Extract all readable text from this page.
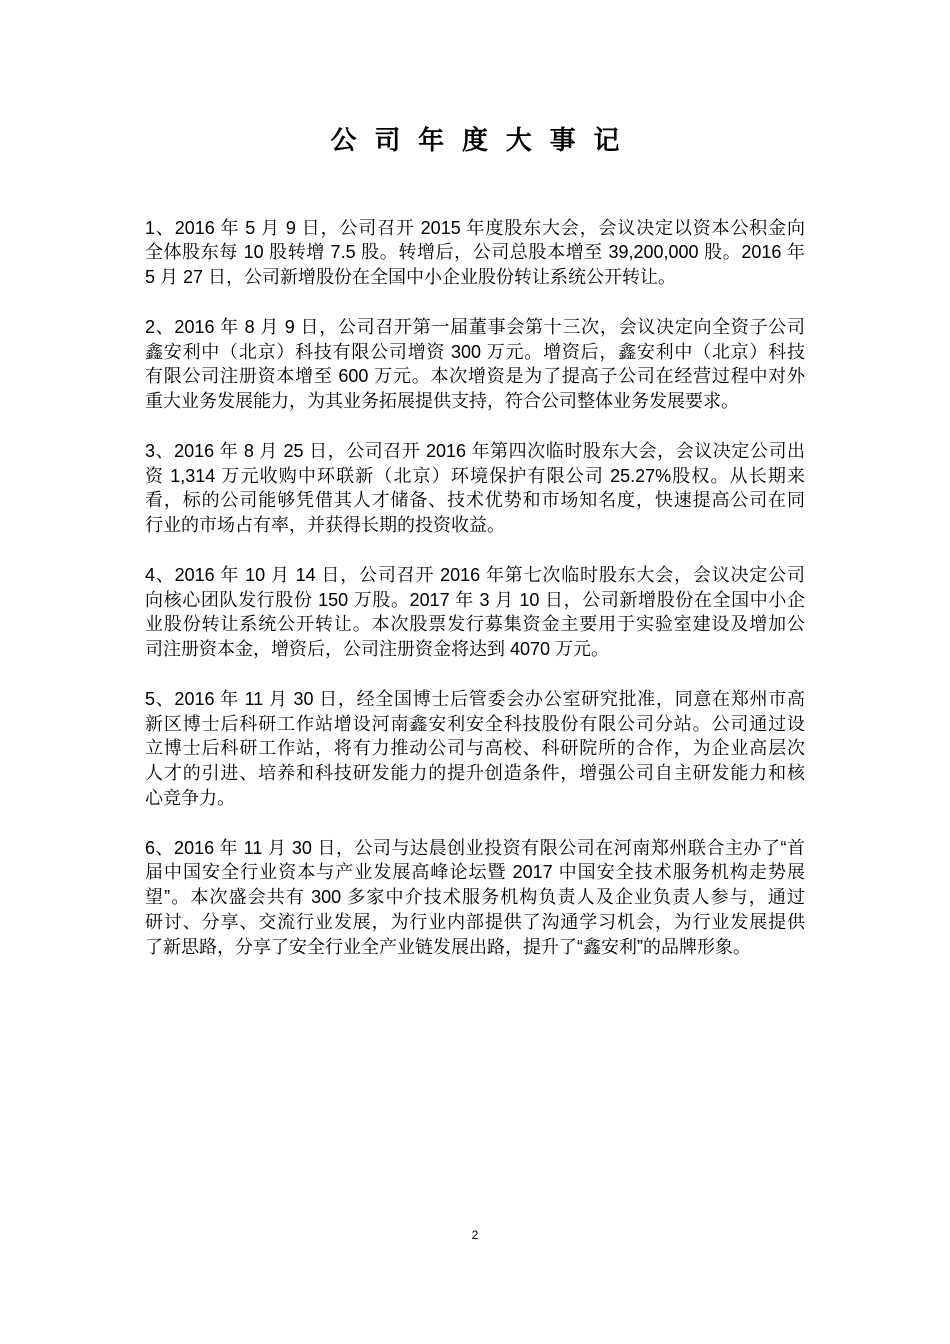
公 司 年 度 大 事 记
1、2016 年 5 月 9 日，公司召开 2015 年度股东大会，会议决定以资本公积金向
全体股东每 10 股转增 7.5 股。转增后，公司总股本增至 39,200,000 股。2016 年
5 月 27 日，公司新增股份在全国中小企业股份转让系统公开转让。
2、2016 年 8 月 9 日，公司召开第一届董事会第十三次，会议决定向全资子公司
鑫安利中（北京）科技有限公司增资 300 万元。增资后，鑫安利中（北京）科技
有限公司注册资本增至 600 万元。本次增资是为了提高子公司在经营过程中对外
重大业务发展能力，为其业务拓展提供支持，符合公司整体业务发展要求。
3、2016 年 8 月 25 日，公司召开 2016 年第四次临时股东大会，会议决定公司出
资 1,314 万元收购中环联新（北京）环境保护有限公司 25.27%股权。从长期来
看，标的公司能够凭借其人才储备、技术优势和市场知名度，快速提高公司在同
行业的市场占有率，并获得长期的投资收益。
4、2016 年 10 月 14 日，公司召开 2016 年第七次临时股东大会，会议决定公司
向核心团队发行股份 150 万股。2017 年 3 月 10 日，公司新增股份在全国中小企
业股份转让系统公开转让。本次股票发行募集资金主要用于实验室建设及增加公
司注册资本金，增资后，公司注册资金将达到 4070 万元。
5、2016 年 11 月 30 日，经全国博士后管委会办公室研究批准，同意在郑州市高
新区博士后科研工作站增设河南鑫安利安全科技股份有限公司分站。公司通过设
立博士后科研工作站，将有力推动公司与高校、科研院所的合作，为企业高层次
人才的引进、培养和科技研发能力的提升创造条件，增强公司自主研发能力和核
心竞争力。
6、2016 年 11 月 30 日，公司与达晨创业投资有限公司在河南郑州联合主办了“首
届中国安全行业资本与产业发展高峰论坛暨 2017 中国安全技术服务机构走势展
望”。本次盛会共有 300 多家中介技术服务机构负责人及企业负责人参与，通过
研讨、分享、交流行业发展，为行业内部提供了沟通学习机会，为行业发展提供
了新思路，分享了安全行业全产业链发展出路，提升了“鑫安利”的品牌形象。
2
